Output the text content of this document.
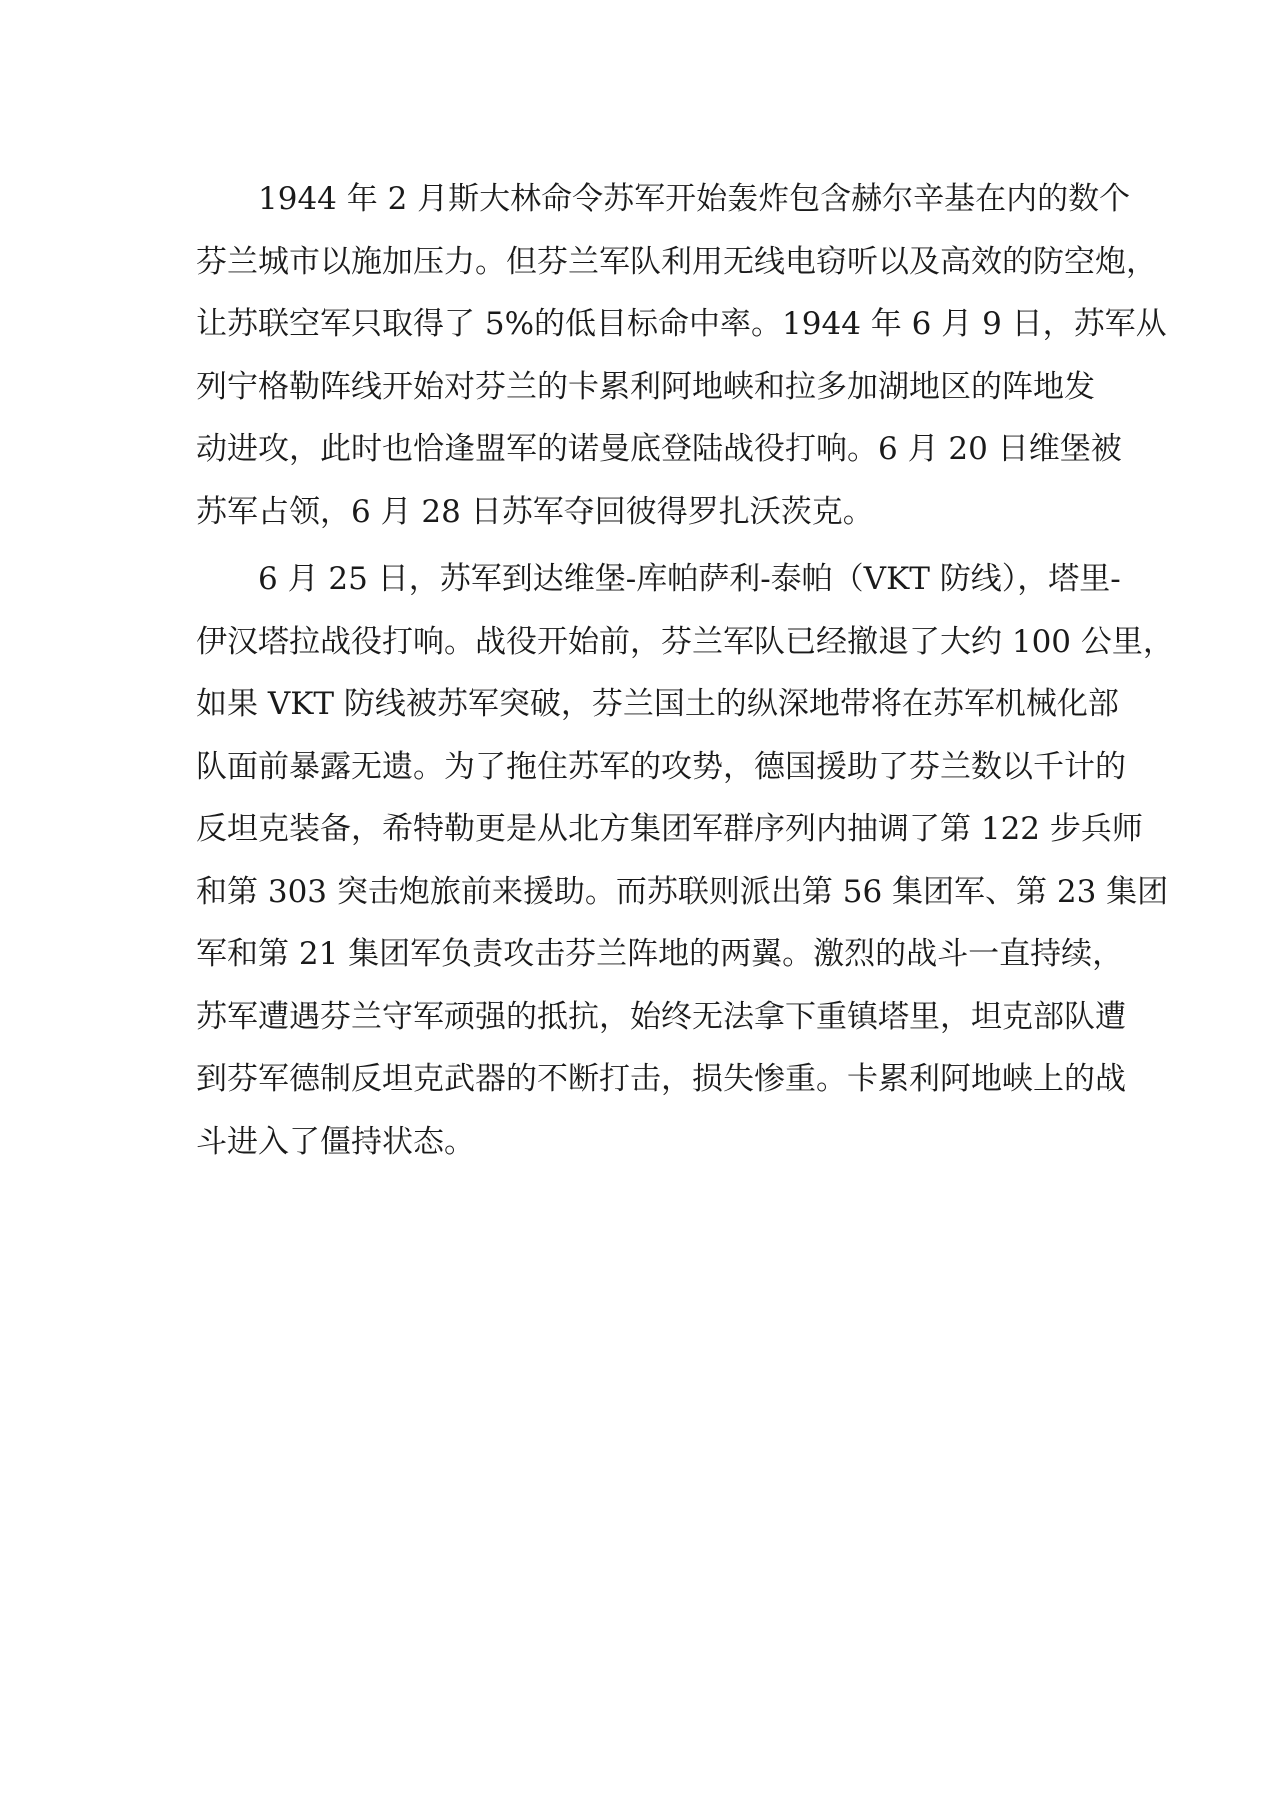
1944 年 2 月斯大林命令苏军开始轰炸包含赫尔辛基在内的数个
芬兰城市以施加压力。但芬兰军队利用无线电窃听以及高效的防空炮，
让苏联空军只取得了 5%的低目标命中率。1944 年 6 月 9 日，苏军从
列宁格勒阵线开始对芬兰的卡累利阿地峡和拉多加湖地区的阵地发
动进攻，此时也恰逢盟军的诺曼底登陆战役打响。6 月 20 日维堡被
苏军占领，6 月 28 日苏军夺回彼得罗扎沃茨克。
6 月 25 日，苏军到达维堡-库帕萨利-泰帕（VKT 防线），塔里-
伊汉塔拉战役打响。战役开始前，芬兰军队已经撤退了大约 100 公里，
如果 VKT 防线被苏军突破，芬兰国土的纵深地带将在苏军机械化部
队面前暴露无遗。为了拖住苏军的攻势，德国援助了芬兰数以千计的
反坦克装备，希特勒更是从北方集团军群序列内抽调了第 122 步兵师
和第 303 突击炮旅前来援助。而苏联则派出第 56 集团军、第 23 集团
军和第 21 集团军负责攻击芬兰阵地的两翼。激烈的战斗一直持续，
苏军遭遇芬兰守军顽强的抵抗，始终无法拿下重镇塔里，坦克部队遭
到芬军德制反坦克武器的不断打击，损失惨重。卡累利阿地峡上的战
斗进入了僵持状态。
